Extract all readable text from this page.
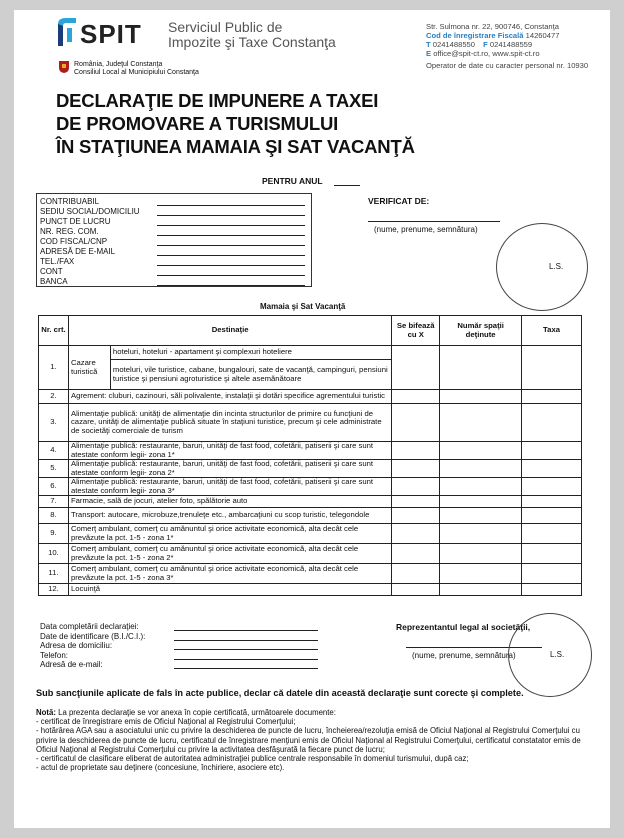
SPIT Serviciul Public de
Impozite şi Taxe Constanţa
România, Judeţul Constanţa
Consiliul Local al Municipiului Constanţa
Str. Sulmona nr. 22, 900746, Constanţa
Cod de înregistrare Fiscală 14260477
T 0241488550 F 0241488559
E office@spit-ct.ro, www.spit-ct.ro
Operator de date cu caracter personal nr. 10930
DECLARAŢIE DE IMPUNERE A TAXEI
DE PROMOVARE A TURISMULUI
ÎN STAŢIUNEA MAMAIA ŞI SAT VACANŢĂ
PENTRU ANUL
CONTRIBUABIL
SEDIU SOCIAL/DOMICILIU
PUNCT DE LUCRU
NR. REG. COM.
COD FISCAL/CNP
ADRESĂ DE E-MAIL
TEL./FAX
CONT
BANCA
VERIFICAT DE:
(nume, prenume, semnătura)
L.S.
Mamaia şi Sat Vacanţă
Nr. crt.	Destinaţie		Se bifează cu X	Număr spaţii deţinute	Taxa
1.	Cazare turistică	hoteluri, hoteluri - apartament şi complexuri hoteliere			
		moteluri, vile turistice, cabane, bungalouri, sate de vacanţă, campinguri, pensiuni turistice şi pensiuni agroturistice şi altele asemănătoare			
2.	Agrement: cluburi, cazinouri, săli polivalente, instalaţii şi dotări specifice agrementului turistic				
3.	Alimentaţie publică: unităţi de alimentaţie din incinta structurilor de primire cu funcţiuni de cazare, unităţi de alimentaţie publică situate în staţiuni turistice, precum şi cele administrate de societăţi comerciale de turism				
4.	Alimentaţie publică: restaurante, baruri, unităţi de fast food, cofetării, patiserii şi care sunt atestate conform legii- zona 1*				
5.	Alimentaţie publică: restaurante, baruri, unităţi de fast food, cofetării, patiserii şi care sunt atestate conform legii- zona 2*				
6.	Alimentaţie publică: restaurante, baruri, unităţi de fast food, cofetării, patiserii şi care sunt atestate conform legii- zona 3*				
7.	Farmacie, sală de jocuri, atelier foto, spălătorie auto				
8.	Transport: autocare, microbuze,trenuleţe etc., ambarcaţiuni cu scop turistic, telegondole				
9.	Comerţ ambulant, comerţ cu amănuntul şi orice activitate economică, alta decât cele prevăzute la pct. 1-5 - zona 1*				
10.	Comerţ ambulant, comerţ cu amănuntul şi orice activitate economică, alta decât cele prevăzute la pct. 1-5 - zona 2*				
11.	Comerţ ambulant, comerţ cu amănuntul şi orice activitate economică, alta decât cele prevăzute la pct. 1-5 - zona 3*				
12.	Locuinţă				
Data completării declaraţiei:
Date de identificare (B.I./C.I.):
Adresa de domiciliu:
Telefon:
Adresă de e-mail:
Reprezentantul legal al societăţii,
(nume, prenume, semnătura)	L.S.
Sub sancţiunile aplicate de fals în acte publice, declar că datele din această declaraţie sunt corecte şi complete.
Notă: La prezenta declaraţie se vor anexa în copie certificată, următoarele documente:
- certificat de înregistrare emis de Oficiul Naţional al Registrului Comerţului;
- hotărârea AGA sau a asociatului unic cu privire la deschiderea de puncte de lucru, încheierea/rezoluţia emisă de Oficiul Naţional al Registrului Comerţului cu privire la deschiderea de puncte de lucru, certificatul de înregistrare menţiuni emis de Oficiul Naţional al Registrului Comerţului, certificatul constatator emis de Oficiul Naţional al Registrului Comerţului cu privire la activitatea desfăşurată la fiecare punct de lucru;
- certificatul de clasificare eliberat de autoritatea administraţiei publice centrale responsabile în domeniul turismului, după caz;
- actul de proprietate sau deţinere (concesiune, închiriere, asociere etc).
